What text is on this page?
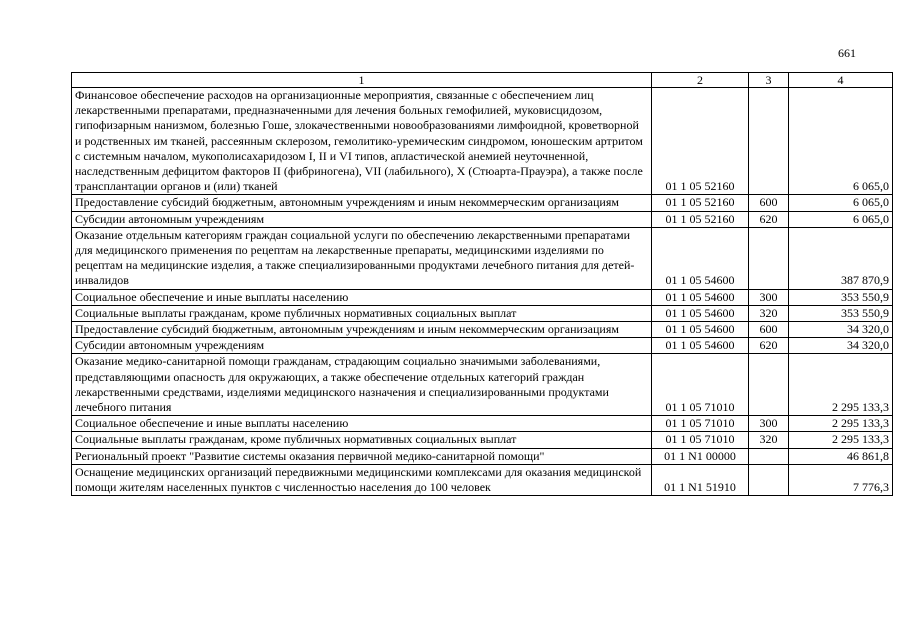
661
1	2	3	4
Финансовое обеспечение расходов на организационные мероприятия, связанные с обеспечением лиц лекарственными препаратами, предназначенными для лечения больных гемофилией, муковисцидозом, гипофизарным нанизмом, болезнью Гоше, злокачественными новообразованиями лимфоидной, кроветворной и родственных им тканей, рассеянным склерозом, гемолитико-уремическим синдромом, юношеским артритом с системным началом, мукополисахаридозом I, II и VI типов, апластической анемией неуточненной, наследственным дефицитом факторов II (фибриногена), VII (лабильного), X (Стюарта-Прауэра), а также после трансплантации органов и (или) тканей	01 1 05 52160		6 065,0
Предоставление субсидий бюджетным, автономным учреждениям и иным некоммерческим организациям	01 1 05 52160	600	6 065,0
Субсидии автономным учреждениям	01 1 05 52160	620	6 065,0
Оказание отдельным категориям граждан социальной услуги по обеспечению лекарственными препаратами для медицинского применения по рецептам на лекарственные препараты, медицинскими изделиями по рецептам на медицинские изделия, а также специализированными продуктами лечебного питания для детей-инвалидов	01 1 05 54600		387 870,9
Социальное обеспечение и иные выплаты населению	01 1 05 54600	300	353 550,9
Социальные выплаты гражданам, кроме публичных нормативных социальных выплат	01 1 05 54600	320	353 550,9
Предоставление субсидий бюджетным, автономным учреждениям и иным некоммерческим организациям	01 1 05 54600	600	34 320,0
Субсидии автономным учреждениям	01 1 05 54600	620	34 320,0
Оказание медико-санитарной помощи гражданам, страдающим социально значимыми заболеваниями, представляющими опасность для окружающих, а также обеспечение отдельных категорий граждан лекарственными средствами, изделиями медицинского назначения и специализированными продуктами лечебного питания	01 1 05 71010		2 295 133,3
Социальное обеспечение и иные выплаты населению	01 1 05 71010	300	2 295 133,3
Социальные выплаты гражданам, кроме публичных нормативных социальных выплат	01 1 05 71010	320	2 295 133,3
Региональный проект "Развитие системы оказания первичной медико-санитарной помощи"	01 1 N1 00000		46 861,8
Оснащение медицинских организаций передвижными медицинскими комплексами для оказания медицинской помощи жителям населенных пунктов с численностью населения до 100 человек	01 1 N1 51910		7 776,3
